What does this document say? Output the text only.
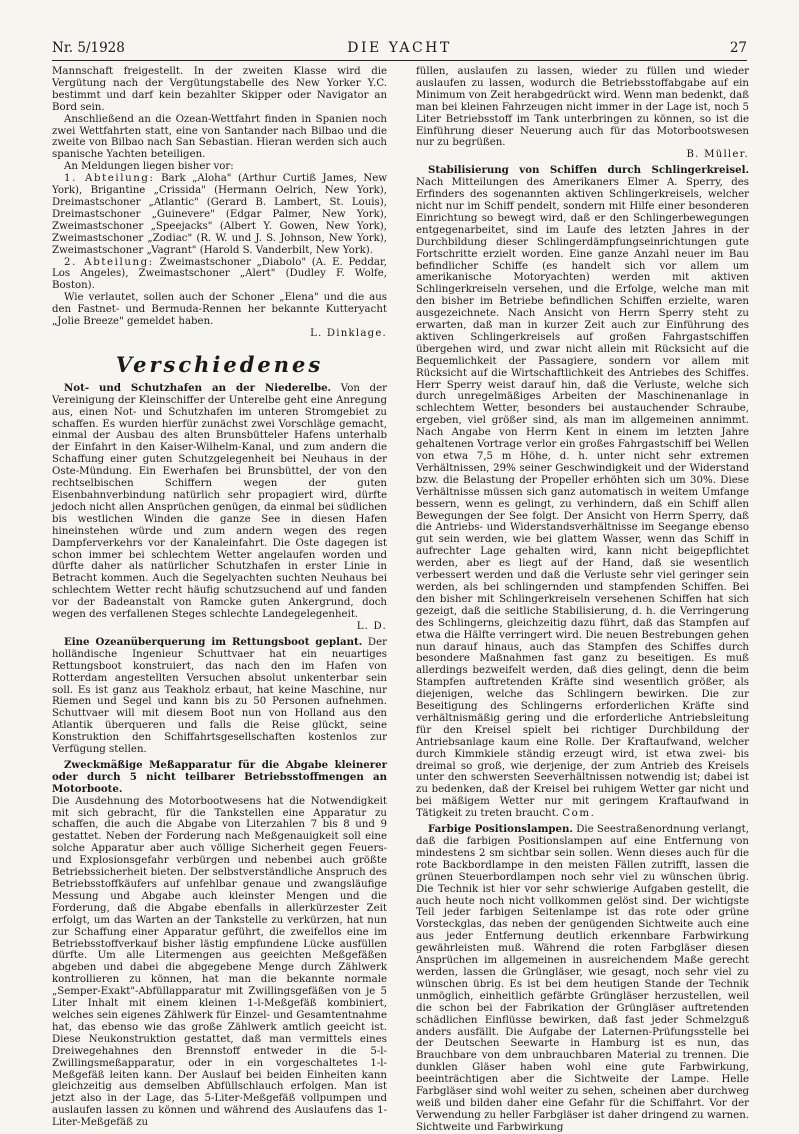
Nr. 5/1928	DIE YACHT	27

Mannschaft freigestellt. In der zweiten Klasse wird die Vergütung nach der Vergütungstabelle des New Yorker Y.C. bestimmt und darf kein bezahlter Skipper oder Navigator an Bord sein.

Anschließend an die Ozean-Wettfahrt finden in Spanien noch zwei Wettfahrten statt, eine von Santander nach Bilbao und die zweite von Bilbao nach San Sebastian. Hieran werden sich auch spanische Yachten beteiligen.

An Meldungen liegen bisher vor:

1. Abteilung: Bark „Aloha" (Arthur Curtiß James, New York), Brigantine „Crissida" (Hermann Oelrich, New York), Dreimastschoner „Atlantic" (Gerard B. Lambert, St. Louis), Dreimastschoner „Guinevere" (Edgar Palmer, New York), Zweimastschoner „Speejacks" (Albert Y. Gowen, New York), Zweimastschoner „Zodiac" (R. W. und J. S. Johnson, New York), Zweimastschoner „Vagrant" (Harold S. Vanderbilt, New York).

2. Abteilung: Zweimastschoner „Diabolo" (A. E. Peddar, Los Angeles), Zweimastschoner „Alert" (Dudley F. Wolfe, Boston).

Wie verlautet, sollen auch der Schoner „Elena" und die aus den Fastnet- und Bermuda-Rennen her bekannte Kutteryacht „Jolie Breeze" gemeldet haben.

L. Dinklage.

Verschiedenes

Not- und Schutzhafen an der Niederelbe. Von der Vereinigung der Kleinschiffer der Unterelbe geht eine Anregung aus, einen Not- und Schutzhafen im unteren Stromgebiet zu schaffen. Es wurden hierfür zunächst zwei Vorschläge gemacht, einmal der Ausbau des alten Brunsbütteler Hafens unterhalb der Einfahrt in den Kaiser-Wilhelm-Kanal, und zum andern die Schaffung einer guten Schutzgelegenheit bei Neuhaus in der Oste-Mündung. Ein Ewerhafen bei Brunsbüttel, der von den rechtselbischen Schiffern wegen der guten Eisenbahnverbindung natürlich sehr propagiert wird, dürfte jedoch nicht allen Ansprüchen genügen, da einmal bei südlichen bis westlichen Winden die ganze See in diesen Hafen hineinstehen würde und zum andern wegen des regen Dampferverkehrs vor der Kanaleinfahrt. Die Oste dagegen ist schon immer bei schlechtem Wetter angelaufen worden und dürfte daher als natürlicher Schutzhafen in erster Linie in Betracht kommen. Auch die Segelyachten suchten Neuhaus bei schlechtem Wetter recht häufig schutzsuchend auf und fanden vor der Badeanstalt von Ramcke guten Ankergrund, doch wegen des verfallenen Steges schlechte Landegelegenheit.

L. D.

Eine Ozeanüberquerung im Rettungsboot geplant. Der holländische Ingenieur Schuttvaer hat ein neuartiges Rettungsboot konstruiert, das nach den im Hafen von Rotterdam angestellten Versuchen absolut unkenterbar sein soll. Es ist ganz aus Teakholz erbaut, hat keine Maschine, nur Riemen und Segel und kann bis zu 50 Personen aufnehmen. Schuttvaer will mit diesem Boot nun von Holland aus den Atlantik überqueren und falls die Reise glückt, seine Konstruktion den Schiffahrtsgesellschaften kostenlos zur Verfügung stellen.

Zweckmäßige Meßapparatur für die Abgabe kleinerer oder durch 5 nicht teilbarer Betriebsstoffmengen an Motorboote.

Die Ausdehnung des Motorbootwesens hat die Notwendigkeit mit sich gebracht, für die Tankstellen eine Apparatur zu schaffen, die auch die Abgabe von Literzahlen 7 bis 8 und 9 gestattet. Neben der Forderung nach Meßgenauigkeit soll eine solche Apparatur aber auch völlige Sicherheit gegen Feuers- und Explosionsgefahr verbürgen und nebenbei auch größte Betriebssicherheit bieten. Der selbstverständliche Anspruch des Betriebsstoffkäufers auf unfehlbar genaue und zwangsläufige Messung und Abgabe auch kleinster Mengen und die Forderung, daß die Abgabe ebenfalls in allerkürzester Zeit erfolgt, um das Warten an der Tankstelle zu verkürzen, hat nun zur Schaffung einer Apparatur geführt, die zweifellos eine im Betriebsstoffverkauf bisher lästig empfundene Lücke ausfüllen dürfte. Um alle Litermengen aus geeichten Meßgefäßen abgeben und dabei die abgegebene Menge durch Zählwerk kontrollieren zu können, hat man die bekannte normale „Semper-Exakt"-Abfüllapparatur mit Zwillingsgefäßen von je 5 Liter Inhalt mit einem kleinen 1-l-Meßgefäß kombiniert, welches sein eigenes Zählwerk für Einzel- und Gesamtentnahme hat, das ebenso wie das große Zählwerk amtlich geeicht ist. Diese Neukonstruktion gestattet, daß man vermittels eines Dreiwegehahnes den Brennstoff entweder in die 5-l-Zwillingsmeßapparatur, oder in ein vorgeschaltetes 1-l-Meßgefäß leiten kann. Der Auslauf bei beiden Einheiten kann gleichzeitig aus demselben Abfüllschlauch erfolgen. Man ist jetzt also in der Lage, das 5-Liter-Meßgefäß vollpumpen und auslaufen lassen zu können und während des Auslaufens das 1-Liter-Meßgefäß zu

füllen, auslaufen zu lassen, wieder zu füllen und wieder auslaufen zu lassen, wodurch die Betriebsstoffabgabe auf ein Minimum von Zeit herabgedrückt wird. Wenn man bedenkt, daß man bei kleinen Fahrzeugen nicht immer in der Lage ist, noch 5 Liter Betriebsstoff im Tank unterbringen zu können, so ist die Einführung dieser Neuerung auch für das Motorbootswesen nur zu begrüßen.

B. Müller.

Stabilisierung von Schiffen durch Schlingerkreisel. Nach Mitteilungen des Amerikaners Elmer A. Sperry, des Erfinders des sogenannten aktiven Schlingerkreisels, welcher nicht nur im Schiff pendelt, sondern mit Hilfe einer besonderen Einrichtung so bewegt wird, daß er den Schlingerbewegungen entgegenarbeitet, sind im Laufe des letzten Jahres in der Durchbildung dieser Schlingerdämpfungseinrichtungen gute Fortschritte erzielt worden. Eine ganze Anzahl neuer im Bau befindlicher Schiffe (es handelt sich vor allem um amerikanische Motoryachten) werden mit aktiven Schlingerkreiseln versehen, und die Erfolge, welche man mit den bisher im Betriebe befindlichen Schiffen erzielte, waren ausgezeichnete. Nach Ansicht von Herrn Sperry steht zu erwarten, daß man in kurzer Zeit auch zur Einführung des aktiven Schlingerkreisels auf großen Fahrgastschiffen übergehen wird, und zwar nicht allein mit Rücksicht auf die Bequemlichkeit der Passagiere, sondern vor allem mit Rücksicht auf die Wirtschaftlichkeit des Antriebes des Schiffes. Herr Sperry weist darauf hin, daß die Verluste, welche sich durch unregelmäßiges Arbeiten der Maschinenanlage in schlechtem Wetter, besonders bei austauchender Schraube, ergeben, viel größer sind, als man im allgemeinen annimmt. Nach Angabe von Herrn Kent in einem im letzten Jahre gehaltenen Vortrage verlor ein großes Fahrgastschiff bei Wellen von etwa 7,5 m Höhe, d. h. unter nicht sehr extremen Verhältnissen, 29% seiner Geschwindigkeit und der Widerstand bzw. die Belastung der Propeller erhöhten sich um 30%. Diese Verhältnisse müssen sich ganz automatisch in weitem Umfange bessern, wenn es gelingt, zu verhindern, daß ein Schiff allen Bewegungen der See folgt. Der Ansicht von Herrn Sperry, daß die Antriebs- und Widerstandsverhältnisse im Seegange ebenso gut sein werden, wie bei glattem Wasser, wenn das Schiff in aufrechter Lage gehalten wird, kann nicht beigepflichtet werden, aber es liegt auf der Hand, daß sie wesentlich verbessert werden und daß die Verluste sehr viel geringer sein werden, als bei schlingernden und stampfenden Schiffen. Bei den bisher mit Schlingerkreiseln versehenen Schiffen hat sich gezeigt, daß die seitliche Stabilisierung, d. h. die Verringerung des Schlingerns, gleichzeitig dazu führt, daß das Stampfen auf etwa die Hälfte verringert wird. Die neuen Bestrebungen gehen nun darauf hinaus, auch das Stampfen des Schiffes durch besondere Maßnahmen fast ganz zu beseitigen. Es muß allerdings bezweifelt werden, daß dies gelingt, denn die beim Stampfen auftretenden Kräfte sind wesentlich größer, als diejenigen, welche das Schlingern bewirken. Die zur Beseitigung des Schlingerns erforderlichen Kräfte sind verhältnismäßig gering und die erforderliche Antriebsleitung für den Kreisel spielt bei richtiger Durchbildung der Antriebsanlage kaum eine Rolle. Der Kraftaufwand, welcher durch Kimmkiele ständig erzeugt wird, ist etwa zwei- bis dreimal so groß, wie derjenige, der zum Antrieb des Kreisels unter den schwersten Seeverhältnissen notwendig ist; dabei ist zu bedenken, daß der Kreisel bei ruhigem Wetter gar nicht und bei mäßigem Wetter nur mit geringem Kraftaufwand in Tätigkeit zu treten braucht. Com.

Farbige Positionslampen. Die Seestraßenordnung verlangt, daß die farbigen Positionslampen auf eine Entfernung von mindestens 2 sm sichtbar sein sollen. Wenn dieses auch für die rote Backbordlampe in den meisten Fällen zutrifft, lassen die grünen Steuerbordlampen noch sehr viel zu wünschen übrig. Die Technik ist hier vor sehr schwierige Aufgaben gestellt, die auch heute noch nicht vollkommen gelöst sind. Der wichtigste Teil jeder farbigen Seitenlampe ist das rote oder grüne Vorsteckglas, das neben der genügenden Sichtweite auch eine aus jeder Entfernung deutlich erkennbare Farbwirkung gewährleisten muß. Während die roten Farbgläser diesen Ansprüchen im allgemeinen in ausreichendem Maße gerecht werden, lassen die Grüngläser, wie gesagt, noch sehr viel zu wünschen übrig. Es ist bei dem heutigen Stande der Technik unmöglich, einheitlich gefärbte Grüngläser herzustellen, weil die schon bei der Fabrikation der Grüngläser auftretenden schädlichen Einflüsse bewirken, daß fast jeder Schmelzguß anders ausfällt. Die Aufgabe der Laternen-Prüfungsstelle bei der Deutschen Seewarte in Hamburg ist es nun, das Brauchbare von dem unbrauchbaren Material zu trennen. Die dunklen Gläser haben wohl eine gute Farbwirkung, beeinträchtigen aber die Sichtweite der Lampe. Helle Farbgläser sind wohl weiter zu sehen, scheinen aber durchweg weiß und bilden daher eine Gefahr für die Schiffahrt. Vor der Verwendung zu heller Farbgläser ist daher dringend zu warnen. Sichtweite und Farbwirkung
